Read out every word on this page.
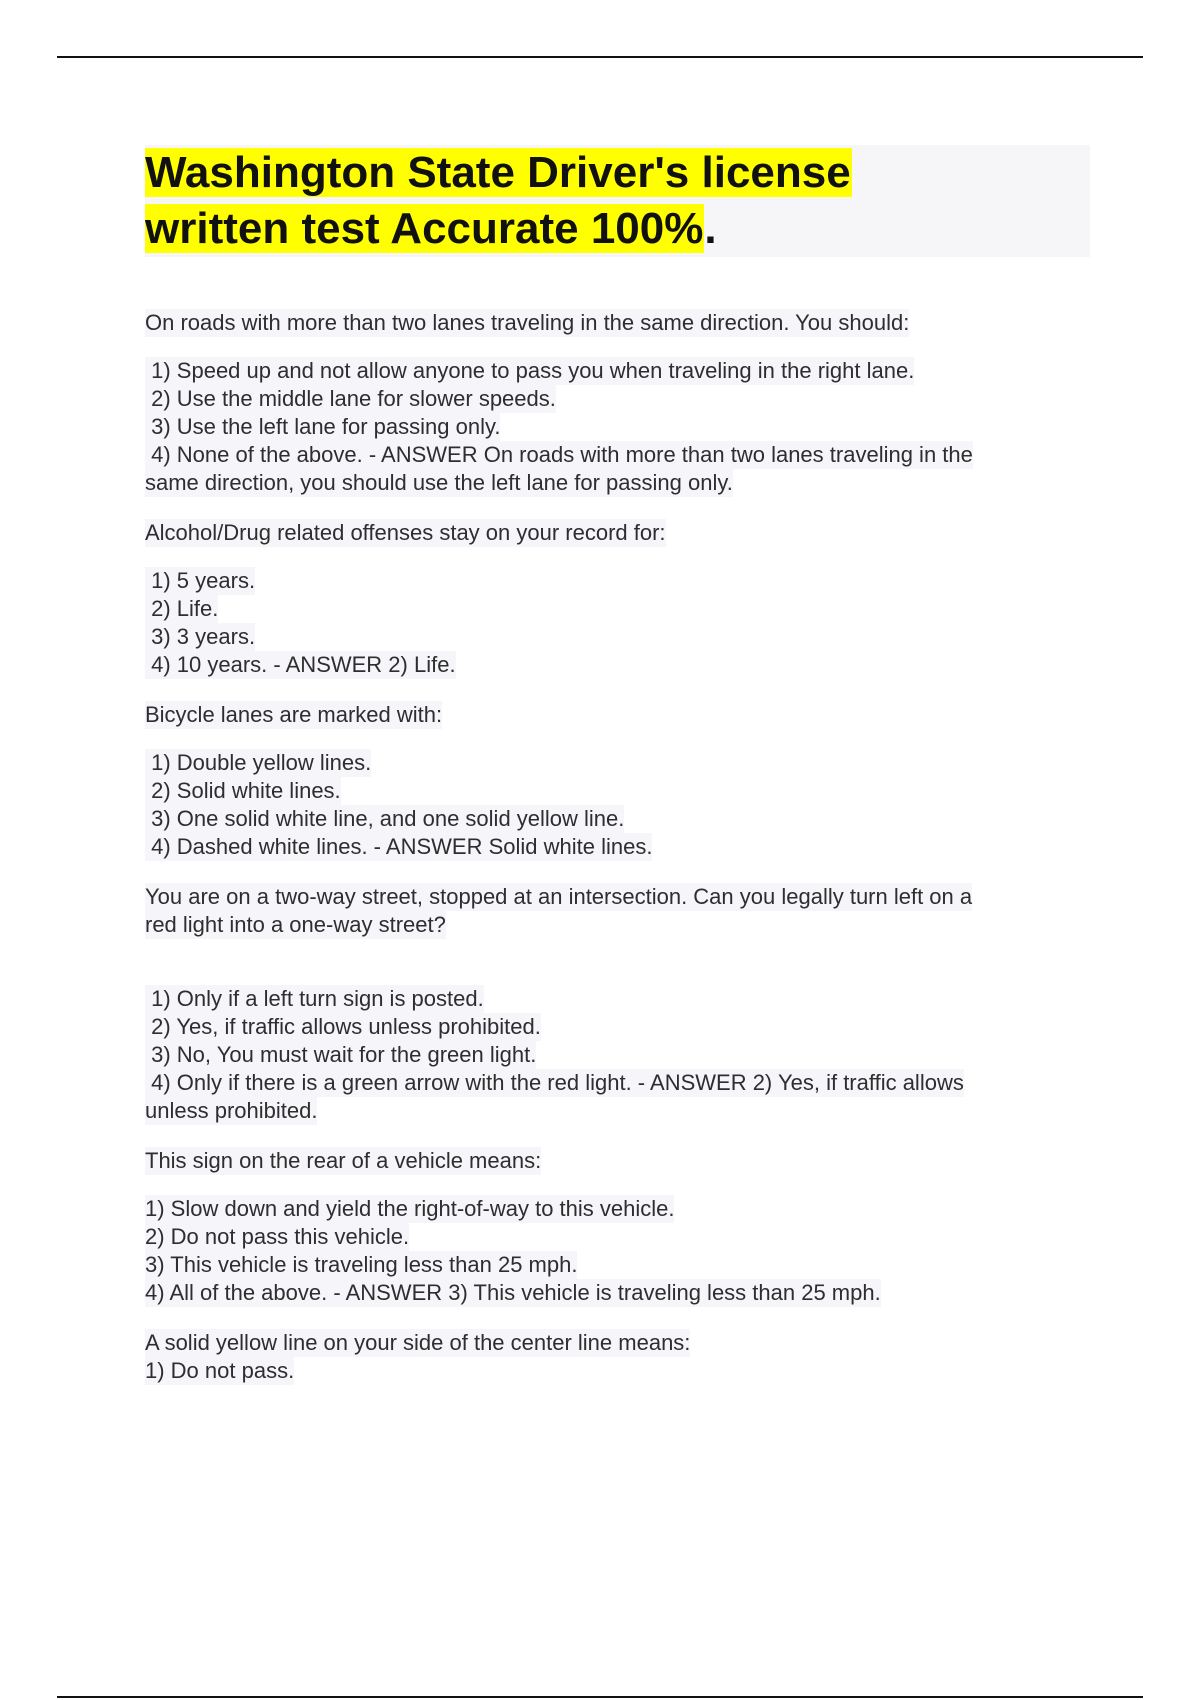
Washington State Driver's license
written test Accurate 100%.
On roads with more than two lanes traveling in the same direction. You should:
1) Speed up and not allow anyone to pass you when traveling in the right lane.
2) Use the middle lane for slower speeds.
3) Use the left lane for passing only.
4) None of the above. - ANSWER On roads with more than two lanes traveling in the
same direction, you should use the left lane for passing only.
Alcohol/Drug related offenses stay on your record for:
1) 5 years.
2) Life.
3) 3 years.
4) 10 years. - ANSWER 2) Life.
Bicycle lanes are marked with:
1) Double yellow lines.
2) Solid white lines.
3) One solid white line, and one solid yellow line.
4) Dashed white lines. - ANSWER Solid white lines.
You are on a two-way street, stopped at an intersection. Can you legally turn left on a
red light into a one-way street?
1) Only if a left turn sign is posted.
2) Yes, if traffic allows unless prohibited.
3) No, You must wait for the green light.
4) Only if there is a green arrow with the red light. - ANSWER 2) Yes, if traffic allows
unless prohibited.
This sign on the rear of a vehicle means:
1) Slow down and yield the right-of-way to this vehicle.
2) Do not pass this vehicle.
3) This vehicle is traveling less than 25 mph.
4) All of the above. - ANSWER 3) This vehicle is traveling less than 25 mph.
A solid yellow line on your side of the center line means:
1) Do not pass.
